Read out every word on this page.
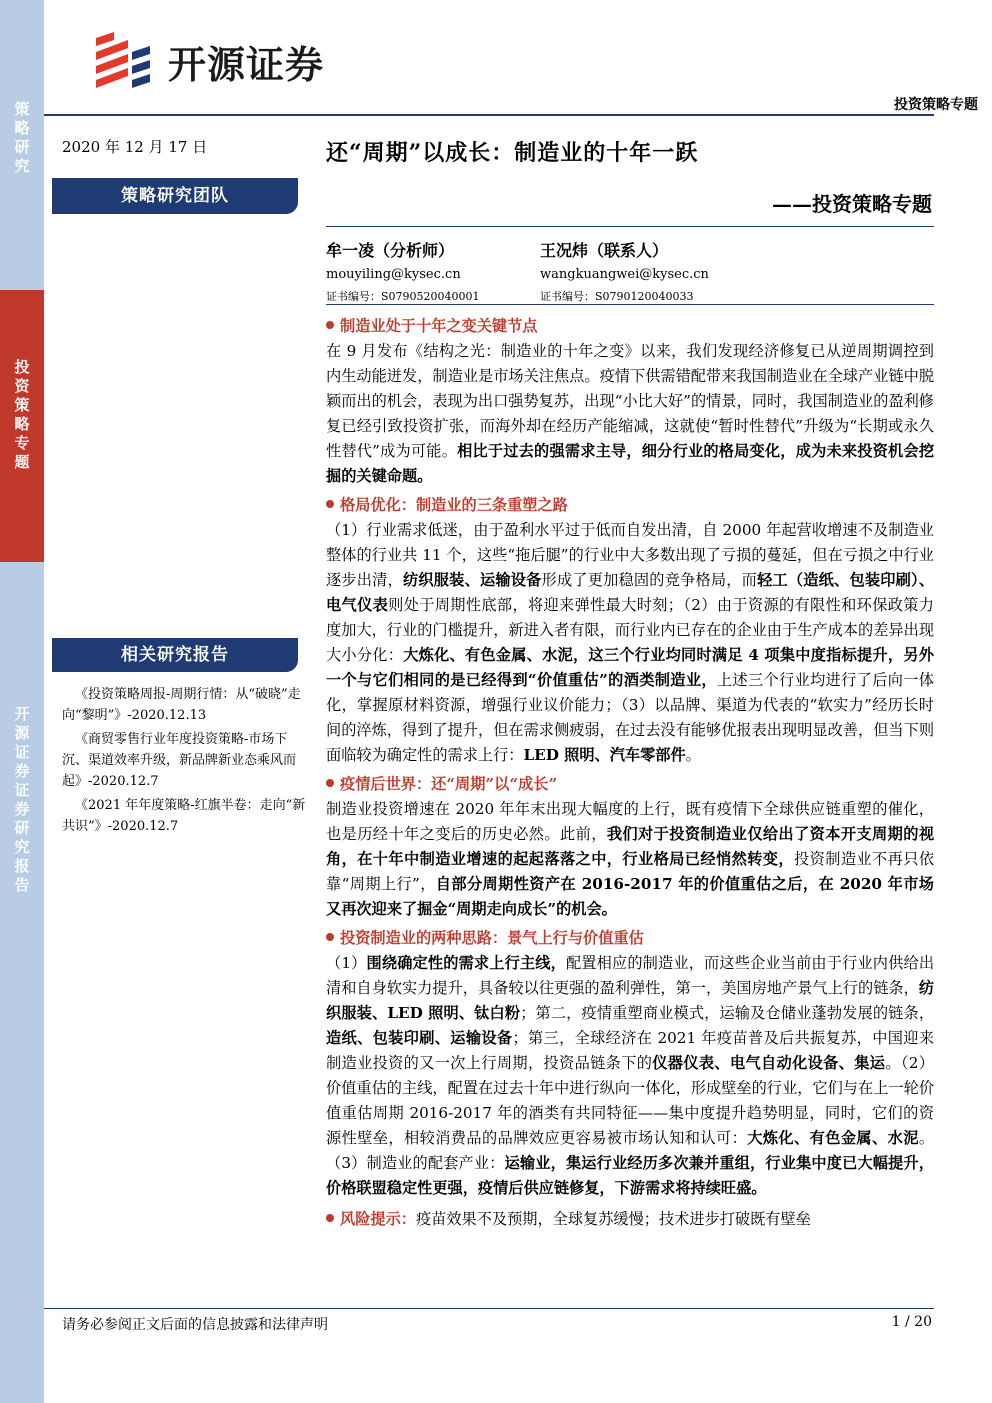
策略研究
投资策略专题
开源证券 证券研究报告
开源证券
投资策略专题
2020 年 12 月 17 日
策略研究团队
相关研究报告
《投资策略周报-周期行情：从“破晓”走向“黎明”》-2020.12.13
《商贸零售行业年度投资策略-市场下沉、渠道效率升级，新品牌新业态乘风而起》-2020.12.7
《2021 年年度策略-红旗半卷：走向“新共识”》-2020.12.7
还“周期”以成长：制造业的十年一跃
——投资策略专题
牟一凌（分析师）
mouyiling@kysec.cn
证书编号：S0790520040001
王况炜（联系人）
wangkuangwei@kysec.cn
证书编号：S0790120040033

制造业处于十年之变关键节点

在 9 月发布《结构之光：制造业的十年之变》以来，我们发现经济修复已从逆周期调控到内生动能迸发，制造业是市场关注焦点。疫情下供需错配带来我国制造业在全球产业链中脱颖而出的机会，表现为出口强势复苏，出现“小比大好”的情景，同时，我国制造业的盈利修复已经引致投资扩张，而海外却在经历产能缩减，这就使“暂时性替代”升级为“长期或永久性替代”成为可能。相比于过去的强需求主导，细分行业的格局变化，成为未来投资机会挖掘的关键命题。

格局优化：制造业的三条重塑之路

（1）行业需求低迷，由于盈利水平过于低而自发出清，自 2000 年起营收增速不及制造业整体的行业共 11 个，这些“拖后腿”的行业中大多数出现了亏损的蔓延，但在亏损之中行业逐步出清，纺织服装、运输设备形成了更加稳固的竞争格局，而轻工（造纸、包装印刷）、电气仪表则处于周期性底部，将迎来弹性最大时刻；（2）由于资源的有限性和环保政策力度加大，行业的门槛提升，新进入者有限，而行业内已存在的企业由于生产成本的差异出现大小分化：大炼化、有色金属、水泥，这三个行业均同时满足 4 项集中度指标提升，另外一个与它们相同的是已经得到“价值重估”的酒类制造业，上述三个行业均进行了后向一体化，掌握原材料资源，增强行业议价能力；（3）以品牌、渠道为代表的“软实力”经历长时间的淬炼，得到了提升，但在需求侧疲弱，在过去没有能够优报表出现明显改善，但当下则面临较为确定性的需求上行：LED 照明、汽车零部件。

疫情后世界：还“周期”以“成长”

制造业投资增速在 2020 年年末出现大幅度的上行，既有疫情下全球供应链重塑的催化，也是历经十年之变后的历史必然。此前，我们对于投资制造业仅给出了资本开支周期的视角，在十年中制造业增速的起起落落之中，行业格局已经悄然转变，投资制造业不再只依靠“周期上行”，自部分周期性资产在 2016-2017 年的价值重估之后，在 2020 年市场又再次迎来了掘金“周期走向成长”的机会。

投资制造业的两种思路：景气上行与价值重估

（1）围绕确定性的需求上行主线，配置相应的制造业，而这些企业当前由于行业内供给出清和自身软实力提升，具备较以往更强的盈利弹性，第一，美国房地产景气上行的链条，纺织服装、LED 照明、钛白粉；第二，疫情重塑商业模式，运输及仓储业蓬勃发展的链条，造纸、包装印刷、运输设备；第三，全球经济在 2021 年疫苗普及后共振复苏，中国迎来制造业投资的又一次上行周期，投资品链条下的仪器仪表、电气自动化设备、集运。（2）价值重估的主线，配置在过去十年中进行纵向一体化，形成壁垒的行业，它们与在上一轮价值重估周期 2016-2017 年的酒类有共同特征——集中度提升趋势明显，同时，它们的资源性壁垒，相较消费品的品牌效应更容易被市场认知和认可：大炼化、有色金属、水泥。（3）制造业的配套产业：运输业，集运行业经历多次兼并重组，行业集中度已大幅提升，价格联盟稳定性更强，疫情后供应链修复，下游需求将持续旺盛。

风险提示：疫苗效果不及预期，全球复苏缓慢；技术进步打破既有壁垒

请务必参阅正文后面的信息披露和法律声明	1 / 20
